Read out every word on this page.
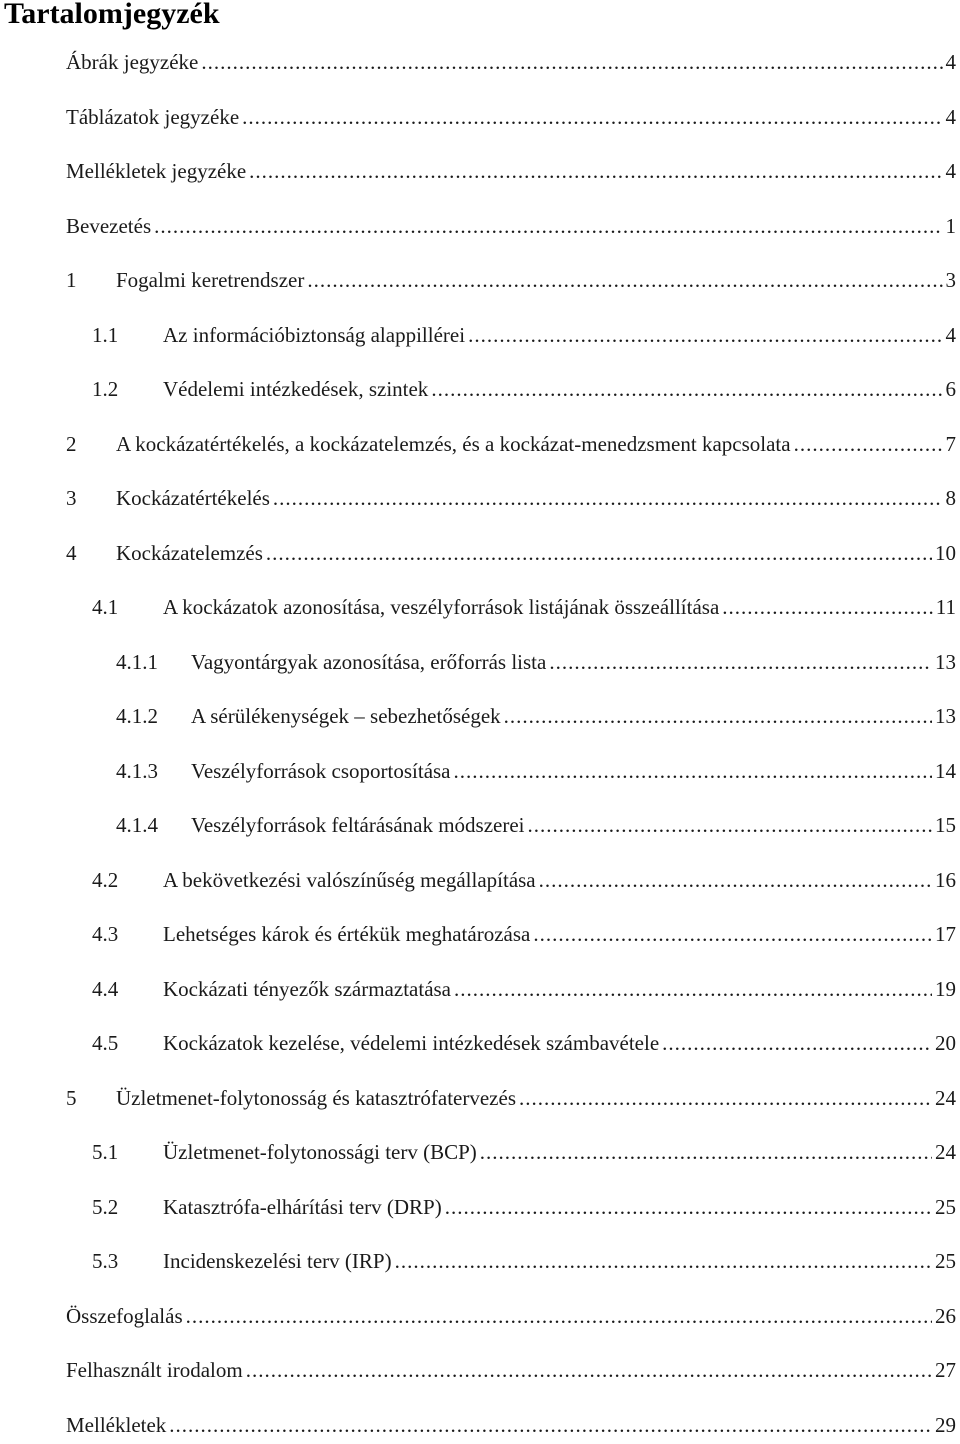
Tartalomjegyzék
Ábrák jegyzéke .....	4
Táblázatok jegyzéke .....	4
Mellékletek jegyzéke .....	4
Bevezetés .....	1
1	Fogalmi keretrendszer .....	3
1.1	Az információbiztonság alappillérei .....	4
1.2	Védelemi intézkedések, szintek .....	6
2	A kockázatértékelés, a kockázatelemzés, és a kockázat-menedzsment kapcsolata .....	7
3	Kockázatértékelés .....	8
4	Kockázatelemzés .....	10
4.1	A kockázatok azonosítása, veszélyforrások listájának összeállítása .....	11
4.1.1	Vagyontárgyak azonosítása, erőforrás lista .....	13
4.1.2	A sérülékenységek – sebezhetőségek .....	13
4.1.3	Veszélyforrások csoportosítása .....	14
4.1.4	Veszélyforrások feltárásának módszerei .....	15
4.2	A bekövetkezési valószínűség megállapítása .....	16
4.3	Lehetséges károk és értékük meghatározása .....	17
4.4	Kockázati tényezők származtatása .....	19
4.5	Kockázatok kezelése, védelemi intézkedések számbavétele .....	20
5	Üzletmenet-folytonosság és katasztrófatervezés .....	24
5.1	Üzletmenet-folytonossági terv (BCP) .....	24
5.2	Katasztrófa-elhárítási terv (DRP) .....	25
5.3	Incidenskezelési terv (IRP) .....	25
Összefoglalás .....	26
Felhasznált irodalom .....	27
Mellékletek .....	29
